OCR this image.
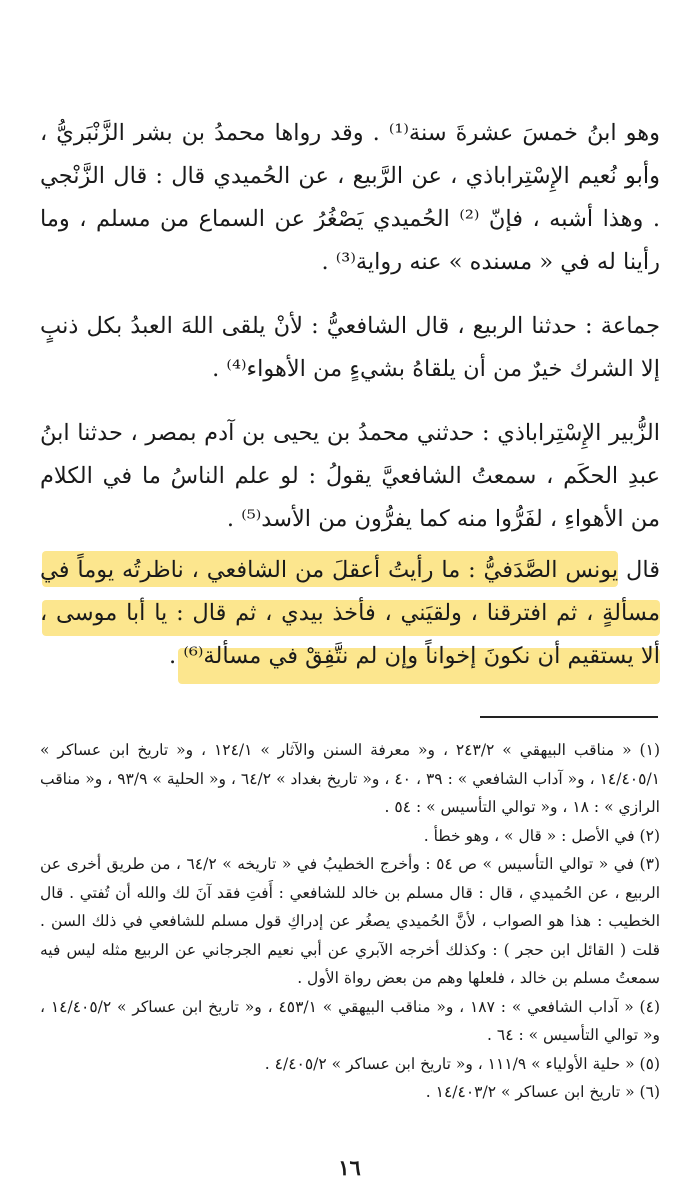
وهو ابنُ خمسَ عشرةَ سنة⁽¹⁾ . وقد رواها محمدُ بن بشر الزَّنْبَريُّ ، وأبو نُعيم الإِسْتِراباذي ، عن الرَّبيع ، عن الحُميدي قال : قال الزَّنْجي . وهذا أشبه ، فإنّ ⁽²⁾ الحُميدي يَصْغُرُ عن السماع من مسلم ، وما رأينا له في « مسنده » عنه رواية⁽³⁾ .

جماعة : حدثنا الربيع ، قال الشافعيُّ : لأنْ يلقى اللهَ العبدُ بكل ذنبٍ إلا الشرك خيرٌ من أن يلقاهُ بشيءٍ من الأهواء⁽⁴⁾ .

الزُّبير الإِسْتِراباذي : حدثني محمدُ بن يحيى بن آدم بمصر ، حدثنا ابنُ عبدِ الحكَم ، سمعتُ الشافعيَّ يقولُ : لو علم الناسُ ما في الكلام من الأهواءِ ، لفَرُّوا منه كما يفرُّون من الأسد⁽⁵⁾ .

قال يونس الصَّدَفيُّ : ما رأيتُ أعقلَ من الشافعي ، ناظرتُه يوماً في مسألةٍ ، ثم افترقنا ، ولقيَني ، فأخذ بيدي ، ثم قال : يا أبا موسى ، ألا يستقيم أن نكونَ إخواناً وإن لم نتَّفِقْ في مسألة⁽⁶⁾ .

(١) « مناقب البيهقي » ٢٤٣/٢ ، و« معرفة السنن والآثار » ١٢٤/١ ، و« تاريخ ابن عساكر » ١٤/٤٠٥/١ ، و« آداب الشافعي » : ٣٩ ، ٤٠ ، و« تاريخ بغداد » ٦٤/٢ ، و« الحلية » ٩٣/٩ ، و« مناقب الرازي » : ١٨ ، و« توالي التأسيس » : ٥٤ .

(٢) في الأصل : « قال » ، وهو خطأ .

(٣) في « توالي التأسيس » ص ٥٤ : وأخرج الخطيبُ في « تاريخه » ٦٤/٢ ، من طريق أخرى عن الربيع ، عن الحُميدي ، قال : قال مسلم بن خالد للشافعي : أَفتِ فقد آنَ لك والله أن تُفتي . قال الخطيب : هذا هو الصواب ، لأنَّ الحُميدي يصغُر عن إدراكِ قول مسلم للشافعي في ذلك السن . قلت ( القائل ابن حجر ) : وكذلك أخرجه الآبري عن أبي نعيم الجرجاني عن الربيع مثله ليس فيه سمعتُ مسلم بن خالد ، فلعلها وهم من بعض رواة الأول .

(٤) « آداب الشافعي » : ١٨٧ ، و« مناقب البيهقي » ٤٥٣/١ ، و« تاريخ ابن عساكر » ١٤/٤٠٥/٢ ، و« توالي التأسيس » : ٦٤ .

(٥) « حلية الأولياء » ١١١/٩ ، و« تاريخ ابن عساكر » ٤/٤٠٥/٢ .

(٦) « تاريخ ابن عساكر » ١٤/٤٠٣/٢ .

١٦
